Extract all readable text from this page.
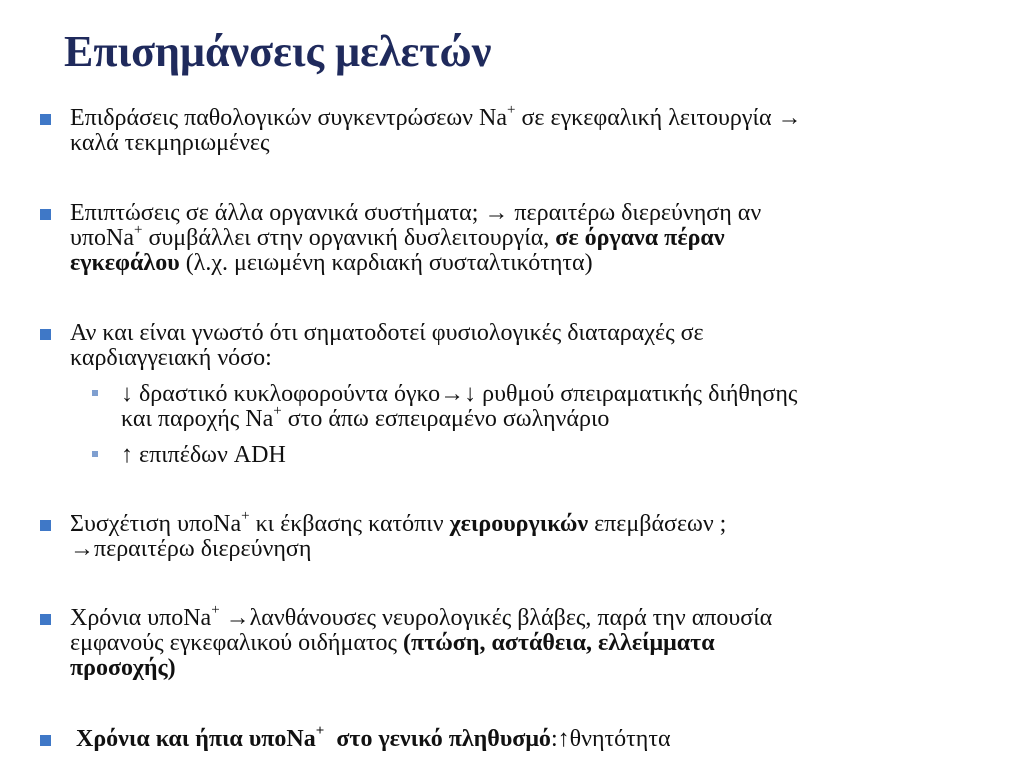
Επισημάνσεις μελετών
Επιδράσεις παθολογικών συγκεντρώσεων Na+ σε εγκεφαλική λειτουργία →
καλά τεκμηριωμένες
Επιπτώσεις σε άλλα οργανικά συστήματα; → περαιτέρω διερεύνηση αν
υποNa+ συμβάλλει στην οργανική δυσλειτουργία, σε όργανα πέραν
εγκεφάλου (λ.χ. μειωμένη καρδιακή συσταλτικότητα)
Αν και είναι γνωστό ότι σηματοδοτεί φυσιολογικές διαταραχές σε
καρδιαγγειακή νόσο:
↓ δραστικό κυκλοφορούντα όγκο→↓ ρυθμού σπειραματικής διήθησης
και παροχής Na+ στο άπω εσπειραμένο σωληνάριο
↑ επιπέδων ADH
Συσχέτιση υποNa+ κι έκβασης κατόπιν χειρουργικών επεμβάσεων ;
→περαιτέρω διερεύνηση
Χρόνια υποNa+ →λανθάνουσες νευρολογικές βλάβες, παρά την απουσία
εμφανούς εγκεφαλικού οιδήματος (πτώση, αστάθεια, ελλείμματα
προσοχής)
Χρόνια και ήπια υποNa+  στο γενικό πληθυσμό:↑θνητότητα
